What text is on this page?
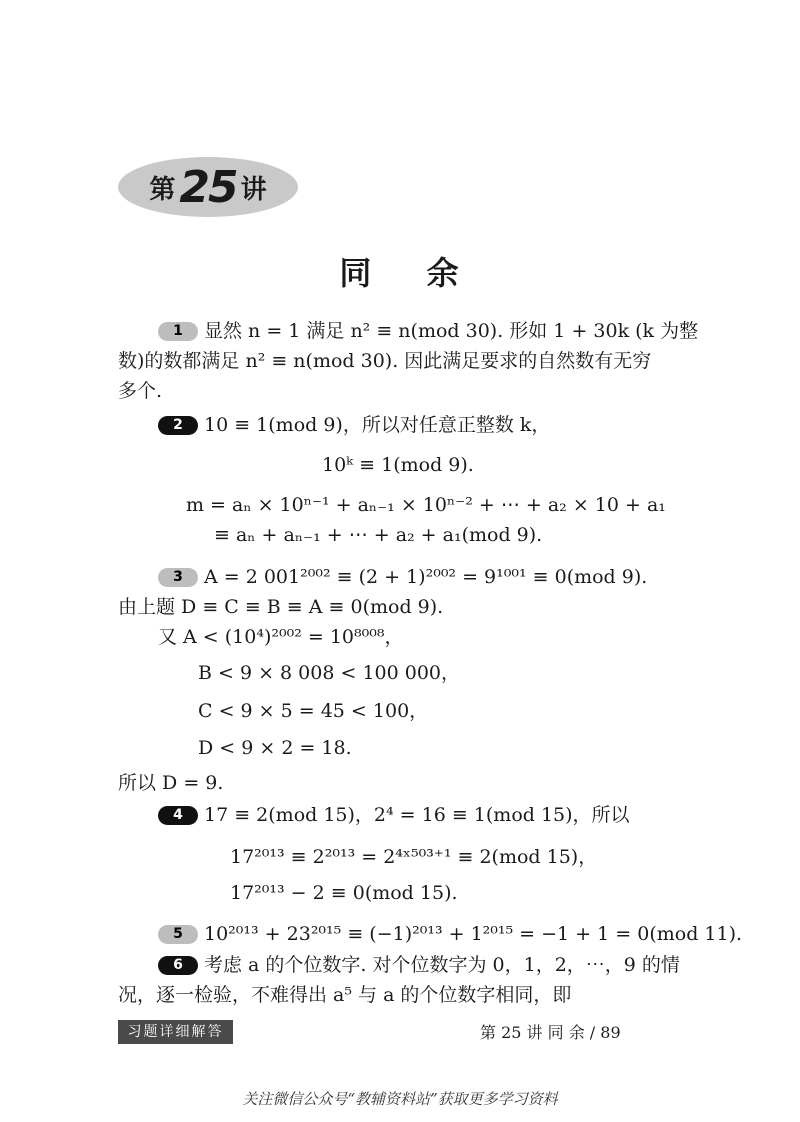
第 25 讲
同 余
1 显然 n = 1 满足 n² ≡ n(mod 30). 形如 1 + 30k (k 为整
数)的数都满足 n² ≡ n(mod 30). 因此满足要求的自然数有无穷
多个.
2 10 ≡ 1(mod 9)，所以对任意正整数 k，
10ᵏ ≡ 1(mod 9).
m = aₙ × 10ⁿ⁻¹ + aₙ₋₁ × 10ⁿ⁻² + ⋯ + a₂ × 10 + a₁
≡ aₙ + aₙ₋₁ + ⋯ + a₂ + a₁(mod 9).
3 A = 2 001²⁰⁰² ≡ (2 + 1)²⁰⁰² = 9¹⁰⁰¹ ≡ 0(mod 9).
由上题 D ≡ C ≡ B ≡ A ≡ 0(mod 9).
又 A < (10⁴)²⁰⁰² = 10⁸⁰⁰⁸，
B < 9 × 8 008 < 100 000，
C < 9 × 5 = 45 < 100，
D < 9 × 2 = 18.
所以 D = 9.
4 17 ≡ 2(mod 15)，2⁴ = 16 ≡ 1(mod 15)，所以
17²⁰¹³ ≡ 2²⁰¹³ = 2⁴ˣ⁵⁰³⁺¹ ≡ 2(mod 15)，
17²⁰¹³ − 2 ≡ 0(mod 15).
5 10²⁰¹³ + 23²⁰¹⁵ ≡ (−1)²⁰¹³ + 1²⁰¹⁵ = −1 + 1 = 0(mod 11).
6 考虑 a 的个位数字. 对个位数字为 0，1，2，⋯，9 的情
况，逐一检验，不难得出 a⁵ 与 a 的个位数字相同，即
习题详细解答	第 25 讲 同 余 / 89
关注微信公众号“教辅资料站”获取更多学习资料
